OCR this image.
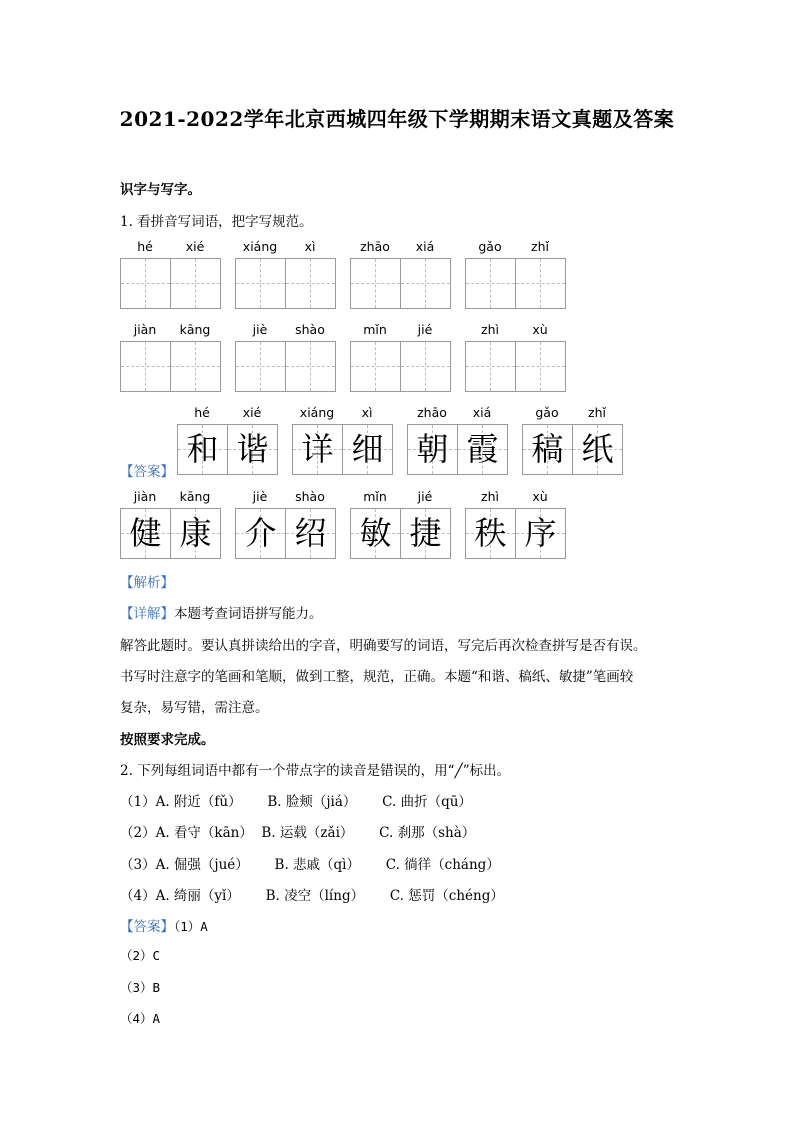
2021-2022学年北京西城四年级下学期期末语文真题及答案
识字与写字。
1. 看拼音写词语，把字写规范。
hé	xié	xiáng	xì	zhāo	xiá	gǎo	zhǐ
jiàn	kāng	jiè	shào	mǐn	jié	zhì	xù
【答案】
hé	xié
和 谐
xiáng	xì
详 细
zhāo	xiá
朝 霞
gǎo	zhǐ
稿 纸
jiàn	kāng
健 康
jiè	shào
介 绍
mǐn	jié
敏 捷
zhì	xù
秩 序
【解析】
【详解】本题考查词语拼写能力。
解答此题时。要认真拼读给出的字音，明确要写的词语，写完后再次检查拼写是否有误。
书写时注意字的笔画和笔顺，做到工整，规范，正确。本题“和谐、稿纸、敏捷”笔画较
复杂，易写错，需注意。
按照要求完成。
2. 下列每组词语中都有一个带点字的读音是错误的，用“╱”标出。
（1）A. 附近（fǔ）      B. 脸颊（jiá）      C. 曲折（qū）
（2）A. 看守（kān）  B. 运载（zǎi）      C. 刹那（shà）
（3）A. 倔强（jué）      B. 悲戚（qì）      C. 徜徉（cháng）
（4）A. 绮丽（yǐ）      B. 凌空（líng）      C. 惩罚（chéng）
【答案】（1）A
（2）C
（3）B
（4）A
